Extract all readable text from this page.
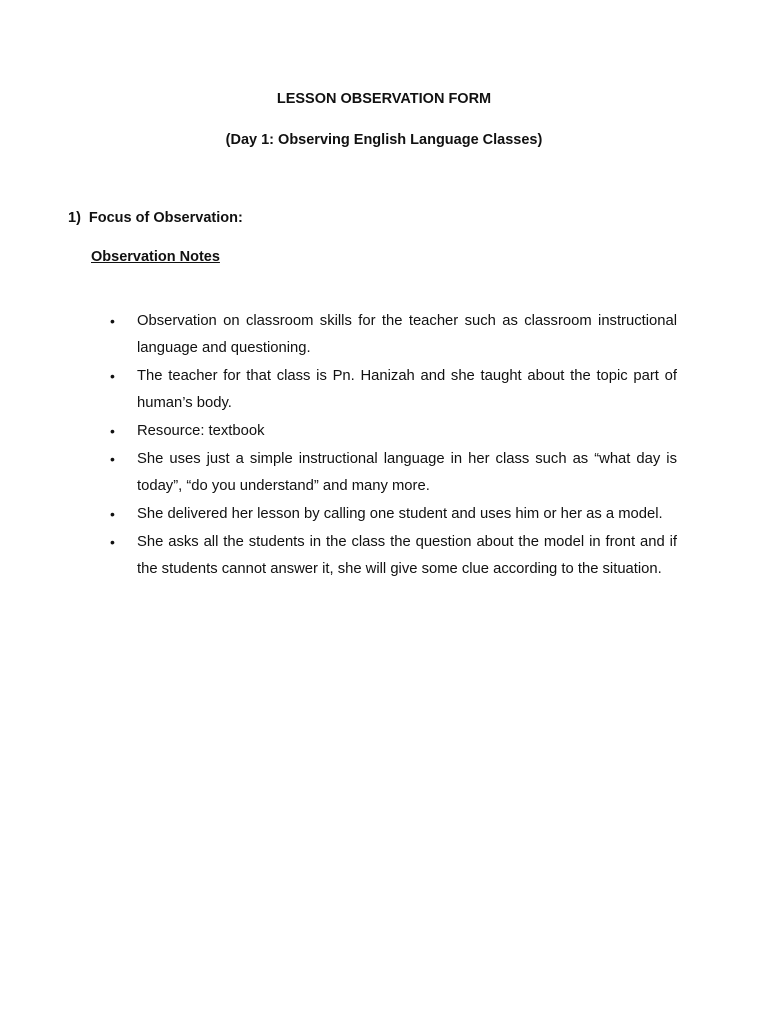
LESSON OBSERVATION FORM

(Day 1: Observing English Language Classes)

1) Focus of Observation:

Observation Notes

• Observation on classroom skills for the teacher such as classroom instructional language and questioning.
• The teacher for that class is Pn. Hanizah and she taught about the topic part of human’s body.
• Resource: textbook
• She uses just a simple instructional language in her class such as “what day is today”, “do you understand” and many more.
• She delivered her lesson by calling one student and uses him or her as a model.
• She asks all the students in the class the question about the model in front and if the students cannot answer it, she will give some clue according to the situation.
